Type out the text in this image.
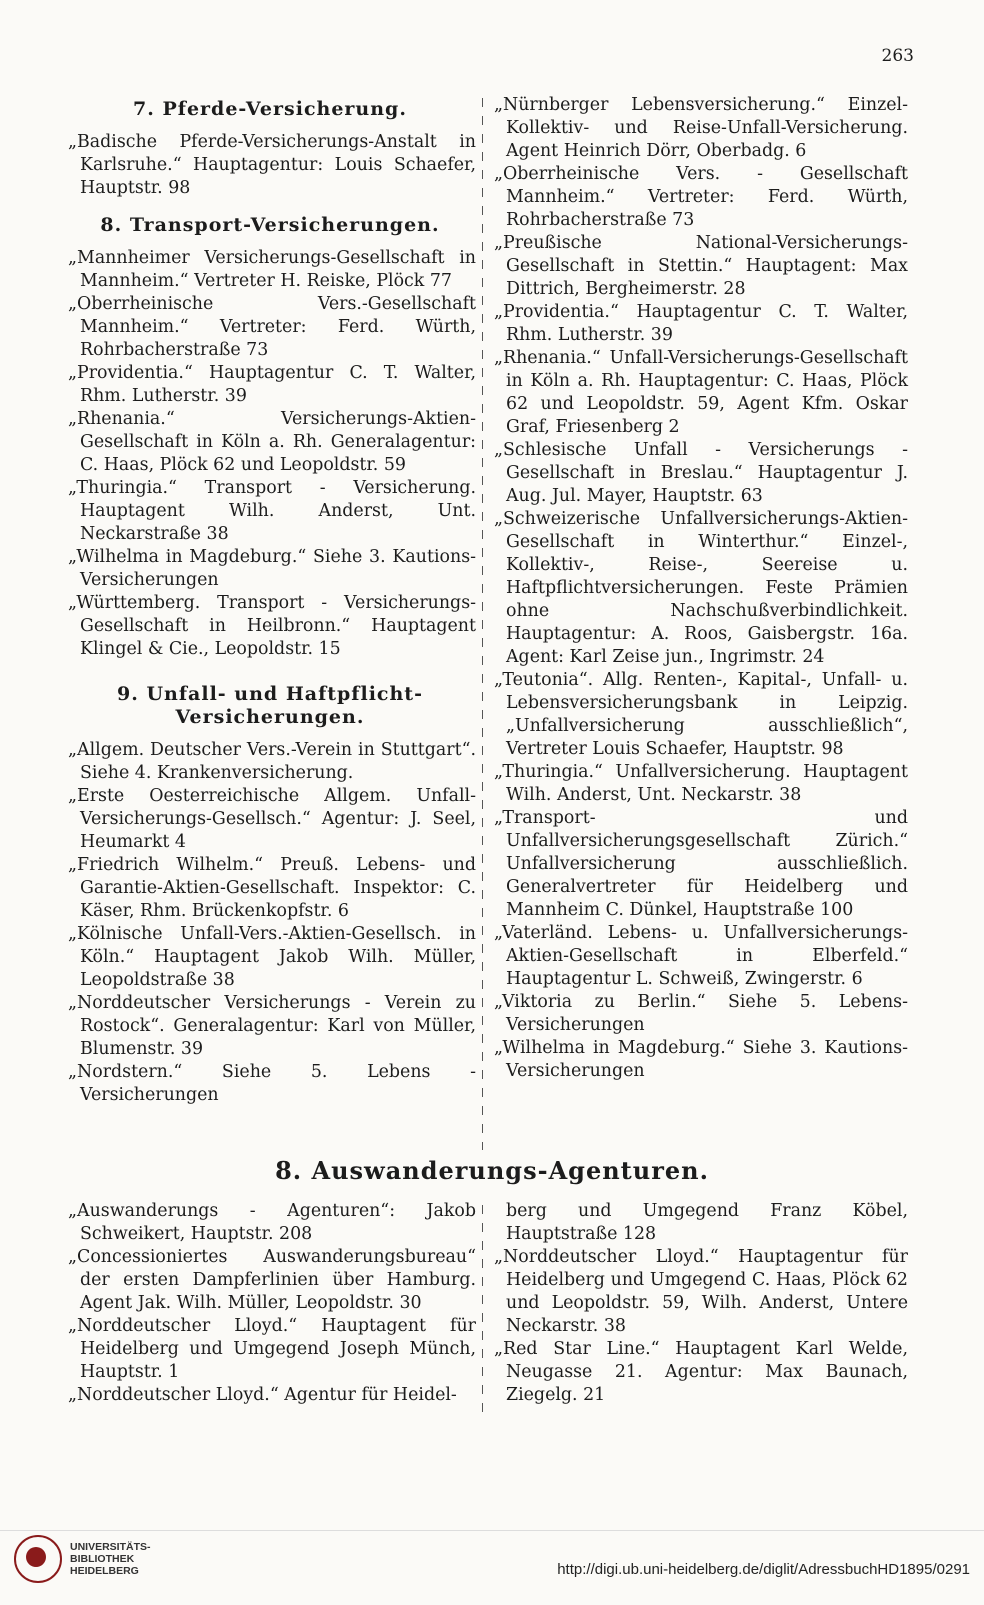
263
7. Pferde-Versicherung.
„Badische Pferde-Versicherungs-Anstalt in Karlsruhe.“ Hauptagentur: Louis Schaefer, Hauptstr. 98
8. Transport-Versicherungen.
„Mannheimer Versicherungs-Gesellschaft in Mannheim.“ Vertreter H. Reiske, Plöck 77
„Oberrheinische Vers.-Gesellschaft Mannheim.“ Vertreter: Ferd. Würth, Rohrbacherstraße 73
„Providentia.“ Hauptagentur C. T. Walter, Rhm. Lutherstr. 39
„Rhenania.“ Versicherungs-Aktien-Gesellschaft in Köln a. Rh. Generalagentur: C. Haas, Plöck 62 und Leopoldstr. 59
„Thuringia.“ Transport - Versicherung. Hauptagent Wilh. Anderst, Unt. Neckarstraße 38
„Wilhelma in Magdeburg.“ Siehe 3. Kautions-Versicherungen
„Württemberg. Transport - Versicherungs-Gesellschaft in Heilbronn.“ Hauptagent Klingel & Cie., Leopoldstr. 15
9. Unfall- und Haftpflicht-Versicherungen.
„Allgem. Deutscher Vers.-Verein in Stuttgart“. Siehe 4. Krankenversicherung.
„Erste Oesterreichische Allgem. Unfall-Versicherungs-Gesellsch.“ Agentur: J. Seel, Heumarkt 4
„Friedrich Wilhelm.“ Preuß. Lebens- und Garantie-Aktien-Gesellschaft. Inspektor: C. Käser, Rhm. Brückenkopfstr. 6
„Kölnische Unfall-Vers.-Aktien-Gesellsch. in Köln.“ Hauptagent Jakob Wilh. Müller, Leopoldstraße 38
„Norddeutscher Versicherungs - Verein zu Rostock“. Generalagentur: Karl von Müller, Blumenstr. 39
„Nordstern.“ Siehe 5. Lebens - Versicherungen
„Nürnberger Lebensversicherung.“ Einzel-Kollektiv- und Reise-Unfall-Versicherung. Agent Heinrich Dörr, Oberbadg. 6
„Oberrheinische Vers. - Gesellschaft Mannheim.“ Vertreter: Ferd. Würth, Rohrbacherstraße 73
„Preußische National-Versicherungs-Gesellschaft in Stettin.“ Hauptagent: Max Dittrich, Bergheimerstr. 28
„Providentia.“ Hauptagentur C. T. Walter, Rhm. Lutherstr. 39
„Rhenania.“ Unfall-Versicherungs-Gesellschaft in Köln a. Rh. Hauptagentur: C. Haas, Plöck 62 und Leopoldstr. 59, Agent Kfm. Oskar Graf, Friesenberg 2
„Schlesische Unfall - Versicherungs - Gesellschaft in Breslau.“ Hauptagentur J. Aug. Jul. Mayer, Hauptstr. 63
„Schweizerische Unfallversicherungs-Aktien-Gesellschaft in Winterthur.“ Einzel-, Kollektiv-, Reise-, Seereise u. Haftpflichtversicherungen. Feste Prämien ohne Nachschußverbindlichkeit. Hauptagentur: A. Roos, Gaisbergstr. 16a. Agent: Karl Zeise jun., Ingrimstr. 24
„Teutonia“. Allg. Renten-, Kapital-, Unfall- u. Lebensversicherungsbank in Leipzig. „Unfallversicherung ausschließlich“, Vertreter Louis Schaefer, Hauptstr. 98
„Thuringia.“ Unfallversicherung. Hauptagent Wilh. Anderst, Unt. Neckarstr. 38
„Transport- und Unfallversicherungsgesellschaft Zürich.“ Unfallversicherung ausschließlich. Generalvertreter für Heidelberg und Mannheim C. Dünkel, Hauptstraße 100
„Vaterländ. Lebens- u. Unfallversicherungs-Aktien-Gesellschaft in Elberfeld.“ Hauptagentur L. Schweiß, Zwingerstr. 6
„Viktoria zu Berlin.“ Siehe 5. Lebens-Versicherungen
„Wilhelma in Magdeburg.“ Siehe 3. Kautions-Versicherungen
8. Auswanderungs-Agenturen.
„Auswanderungs - Agenturen“: Jakob Schweikert, Hauptstr. 208
„Concessioniertes Auswanderungsbureau“ der ersten Dampferlinien über Hamburg. Agent Jak. Wilh. Müller, Leopoldstr. 30
„Norddeutscher Lloyd.“ Hauptagent für Heidelberg und Umgegend Joseph Münch, Hauptstr. 1
„Norddeutscher Lloyd.“ Agentur für Heidel-
berg und Umgegend Franz Köbel, Hauptstraße 128
„Norddeutscher Lloyd.“ Hauptagentur für Heidelberg und Umgegend C. Haas, Plöck 62 und Leopoldstr. 59, Wilh. Anderst, Untere Neckarstr. 38
„Red Star Line.“ Hauptagent Karl Welde, Neugasse 21. Agentur: Max Baunach, Ziegelg. 21
UNIVERSITÄTS-
BIBLIOTHEK
HEIDELBERG	http://digi.ub.uni-heidelberg.de/diglit/AdressbuchHD1895/0291
